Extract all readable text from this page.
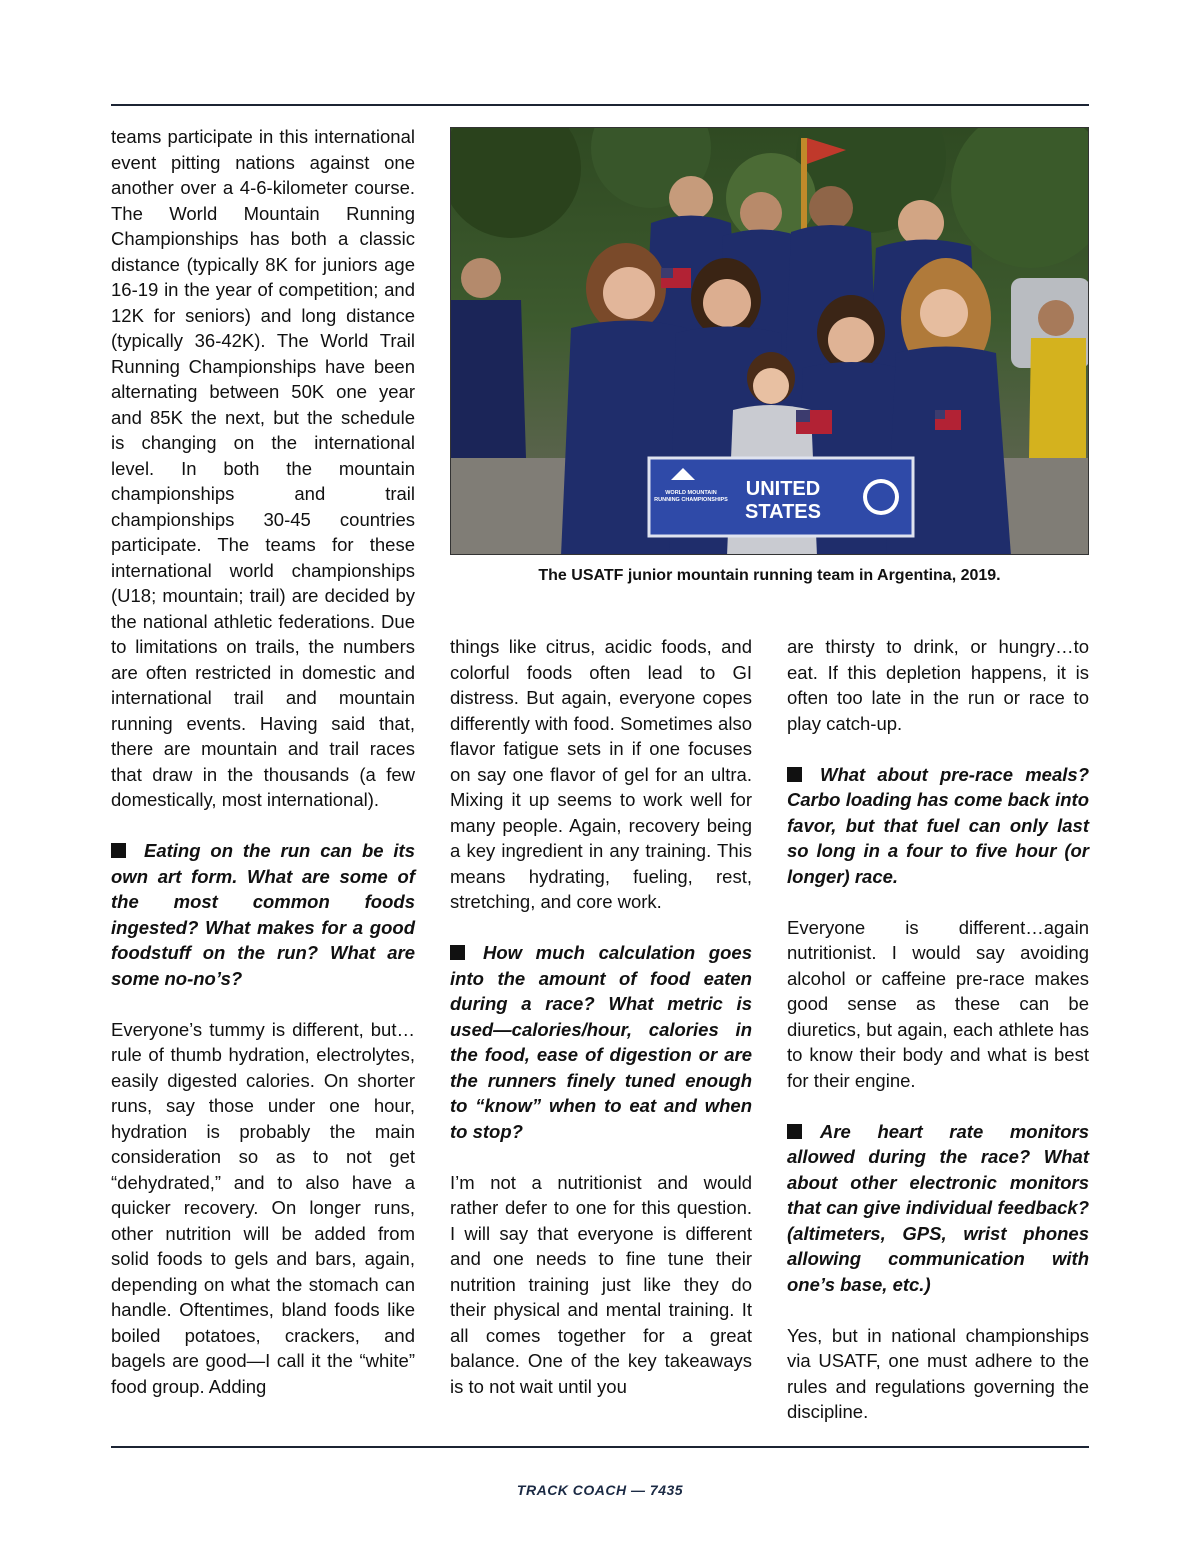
teams participate in this international event pitting nations against one another over a 4-6-kilometer course. The World Mountain Running Championships has both a classic distance (typically 8K for juniors age 16-19 in the year of competition; and 12K for seniors) and long distance (typically 36-42K). The World Trail Running Championships have been alternating between 50K one year and 85K the next, but the schedule is changing on the international level. In both the mountain championships and trail championships 30-45 countries participate. The teams for these international world championships (U18; mountain; trail) are decided by the national athletic federations. Due to limitations on trails, the numbers are often restricted in domestic and international trail and mountain running events. Having said that, there are mountain and trail races that draw in the thousands (a few domestically, most international).

Eating on the run can be its own art form. What are some of the most common foods ingested? What makes for a good foodstuff on the run? What are some no-no’s?

Everyone’s tummy is different, but…rule of thumb hydration, electrolytes, easily digested calories. On shorter runs, say those under one hour, hydration is probably the main consideration so as to not get “dehydrated,” and to also have a quicker recovery. On longer runs, other nutrition will be added from solid foods to gels and bars, again, depending on what the stomach can handle. Oftentimes, bland foods like boiled potatoes, crackers, and bagels are good—I call it the “white” food group. Adding

WORLD MOUNTAIN
RUNNING CHAMPIONSHIPS UNITED
STATES
The USATF junior mountain running team in Argentina, 2019.

things like citrus, acidic foods, and colorful foods often lead to GI distress. But again, everyone copes differently with food. Sometimes also flavor fatigue sets in if one focuses on say one flavor of gel for an ultra. Mixing it up seems to work well for many people. Again, recovery being a key ingredient in any training. This means hydrating, fueling, rest, stretching, and core work.

How much calculation goes into the amount of food eaten during a race? What metric is used—calories/hour, calories in the food, ease of digestion or are the runners finely tuned enough to “know” when to eat and when to stop?

I’m not a nutritionist and would rather defer to one for this question. I will say that everyone is different and one needs to fine tune their nutrition training just like they do their physical and mental training. It all comes together for a great balance. One of the key takeaways is to not wait until you

are thirsty to drink, or hungry…to eat. If this depletion happens, it is often too late in the run or race to play catch-up.

What about pre-race meals? Carbo loading has come back into favor, but that fuel can only last so long in a four to five hour (or longer) race.

Everyone is different…again nutritionist. I would say avoiding alcohol or caffeine pre-race makes good sense as these can be diuretics, but again, each athlete has to know their body and what is best for their engine.

Are heart rate monitors allowed during the race? What about other electronic monitors that can give individual feedback? (altimeters, GPS, wrist phones allowing communication with one’s base, etc.)

Yes, but in national championships via USATF, one must adhere to the rules and regulations governing the discipline.

TRACK COACH — 7435
